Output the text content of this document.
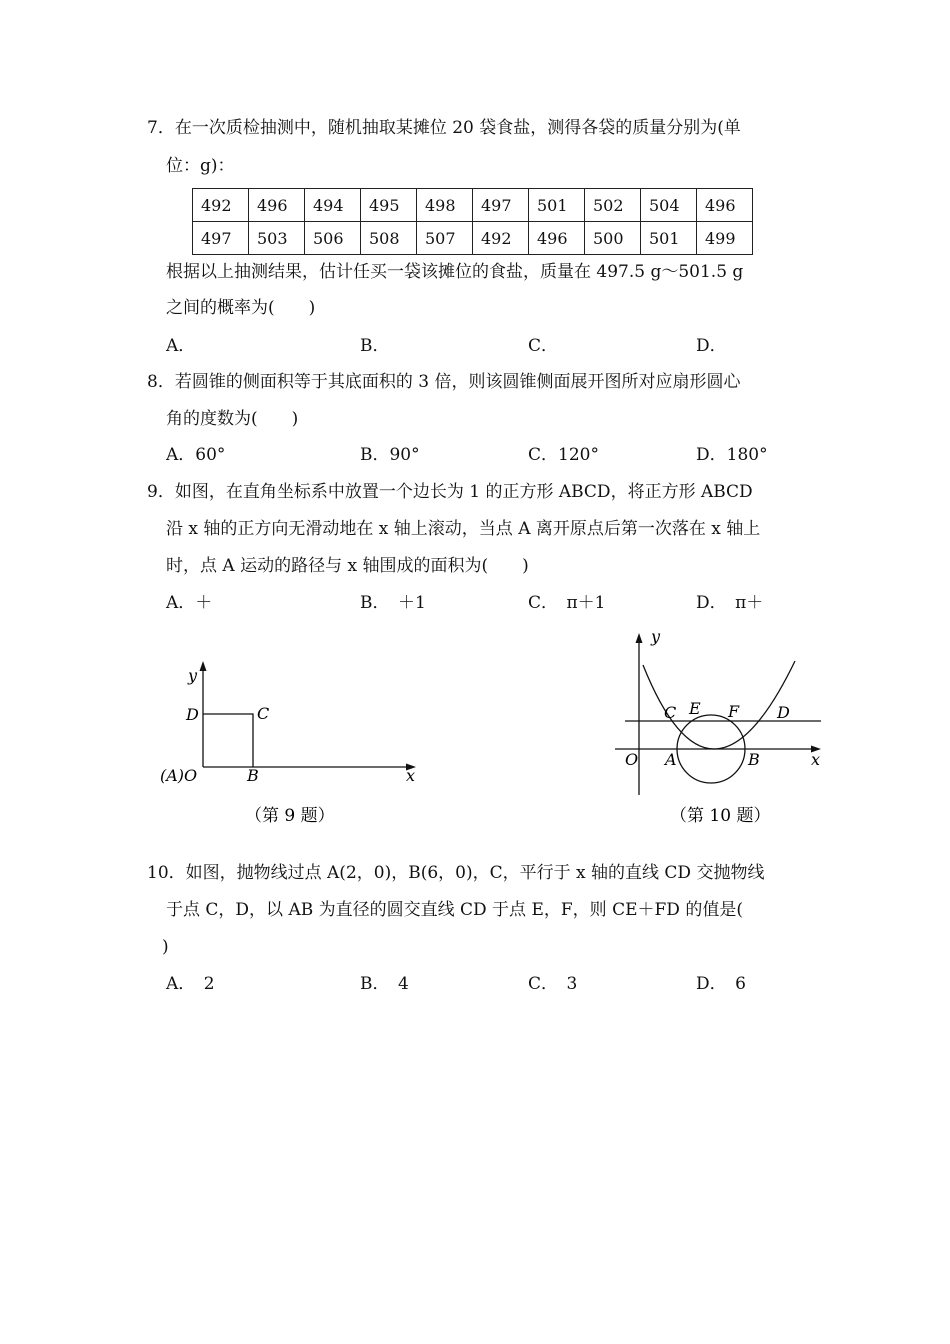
7．在一次质检抽测中，随机抽取某摊位 20 袋食盐，测得各袋的质量分别为(单
位：g)：
492	496	494	495	498	497	501	502	504	496
497	503	506	508	507	492	496	500	501	499
根据以上抽测结果，估计任买一袋该摊位的食盐，质量在 497.5 g～501.5 g
之间的概率为(　　)
A．	B．	C．	D．
8．若圆锥的侧面积等于其底面积的 3 倍，则该圆锥侧面展开图所对应扇形圆心
角的度数为(　　)
A．60°	B．90°	C．120°	D．180°
9．如图，在直角坐标系中放置一个边长为 1 的正方形 ABCD，将正方形 ABCD
沿 x 轴的正方向无滑动地在 x 轴上滚动，当点 A 离开原点后第一次落在 x 轴上
时，点 A 运动的路径与 x 轴围成的面积为(　　)
A．＋	B．　＋1	C．　π＋1	D．　π＋
y
x
D	C
(A)O	B
（第 9 题）
y
x
O A	B
C E F D
（第 10 题）
10．如图，抛物线过点 A(2，0)，B(6，0)，C，平行于 x 轴的直线 CD 交抛物线
于点 C，D，以 AB 为直径的圆交直线 CD 于点 E，F，则 CE＋FD 的值是(
)
A．　2	B．　4	C．　3	D．　6
